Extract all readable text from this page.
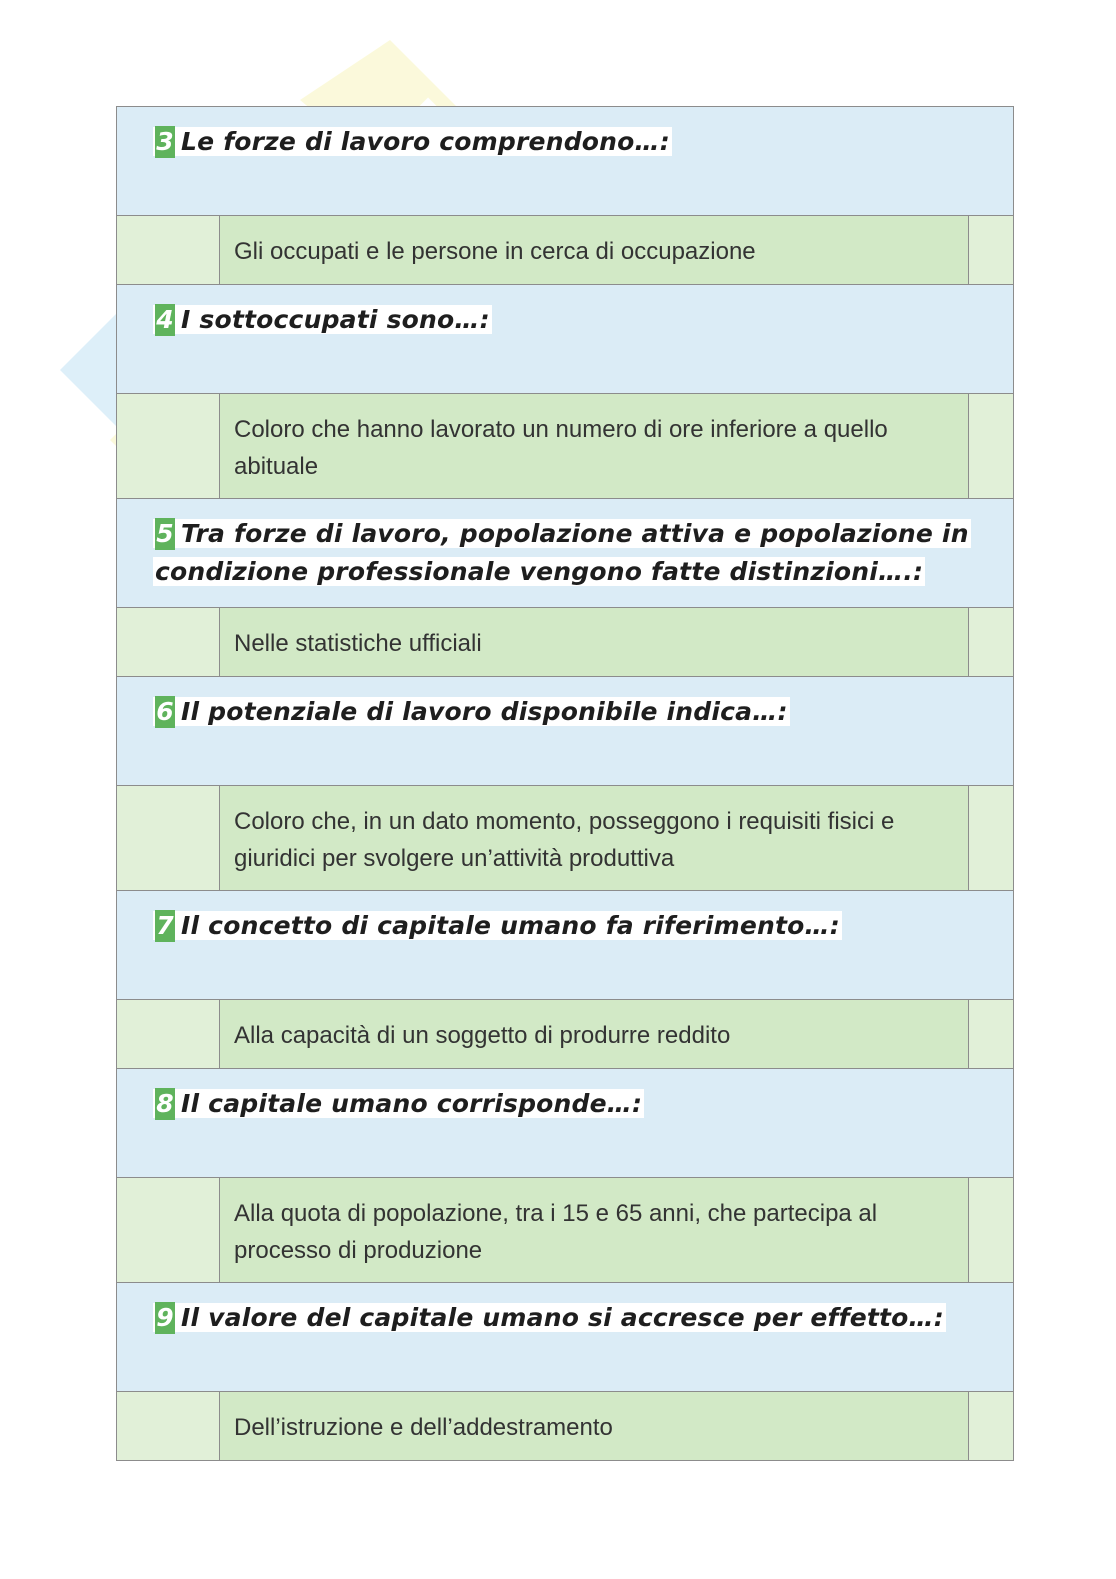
3 Le forze di lavoro comprendono…:
Gli occupati e le persone in cerca di occupazione
4 I sottoccupati sono…:
Coloro che hanno lavorato un numero di ore inferiore a quello abituale
5 Tra forze di lavoro, popolazione attiva e popolazione in condizione professionale vengono fatte distinzioni….:
Nelle statistiche ufficiali
6 Il potenziale di lavoro disponibile indica…:
Coloro che, in un dato momento, posseggono i requisiti fisici e giuridici per svolgere un’attività produttiva
7 Il concetto di capitale umano fa riferimento…:
Alla capacità di un soggetto di produrre reddito
8 Il capitale umano corrisponde…:
Alla quota di popolazione, tra i 15 e 65 anni, che partecipa al processo di produzione
9 Il valore del capitale umano si accresce per effetto…:
Dell’istruzione e dell’addestramento
